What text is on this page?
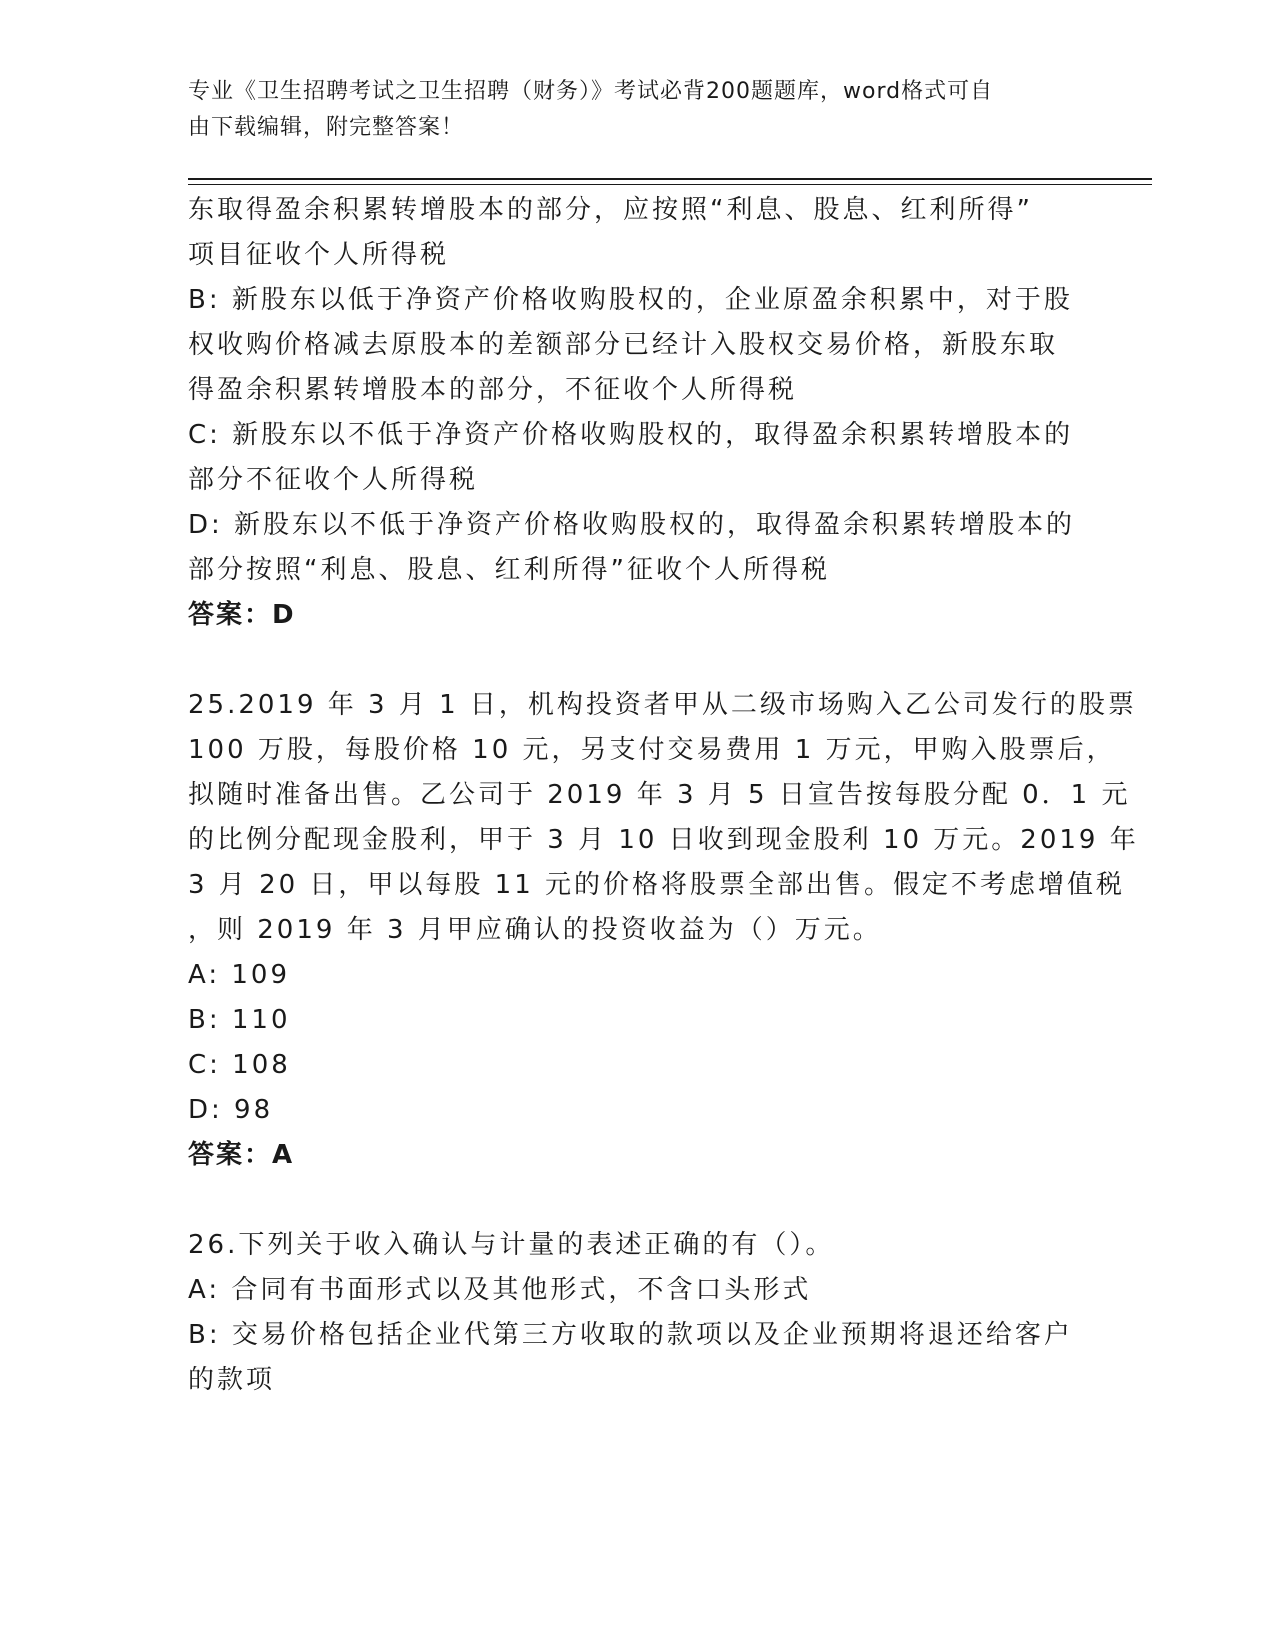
专业《卫生招聘考试之卫生招聘（财务）》考试必背200题题库，word格式可自
由下载编辑，附完整答案！
东取得盈余积累转增股本的部分，应按照“利息、股息、红利所得”
项目征收个人所得税
B: 新股东以低于净资产价格收购股权的，企业原盈余积累中，对于股
权收购价格减去原股本的差额部分已经计入股权交易价格，新股东取
得盈余积累转增股本的部分，不征收个人所得税
C: 新股东以不低于净资产价格收购股权的，取得盈余积累转增股本的
部分不征收个人所得税
D: 新股东以不低于净资产价格收购股权的，取得盈余积累转增股本的
部分按照“利息、股息、红利所得”征收个人所得税
答案：D
25.2019 年 3 月 1 日，机构投资者甲从二级市场购入乙公司发行的股票
100 万股，每股价格 10 元，另支付交易费用 1 万元，甲购入股票后，
拟随时准备出售。乙公司于 2019 年 3 月 5 日宣告按每股分配 0．1 元
的比例分配现金股利，甲于 3 月 10 日收到现金股利 10 万元。2019 年
3 月 20 日，甲以每股 11 元的价格将股票全部出售。假定不考虑增值税
，则 2019 年 3 月甲应确认的投资收益为（）万元。
A: 109
B: 110
C: 108
D: 98
答案：A
26.下列关于收入确认与计量的表述正确的有（）。
A: 合同有书面形式以及其他形式，不含口头形式
B: 交易价格包括企业代第三方收取的款项以及企业预期将退还给客户
的款项
